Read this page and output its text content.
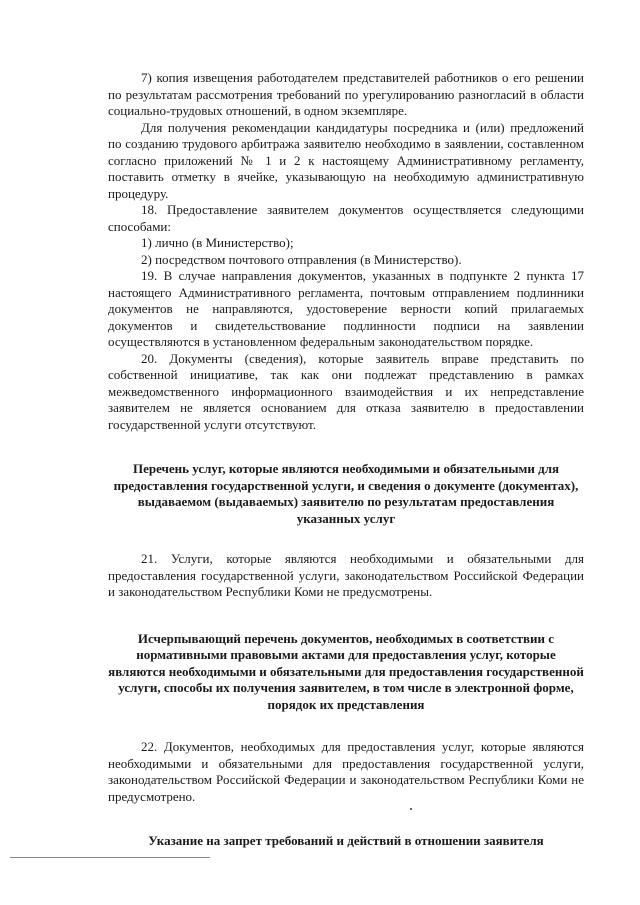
7) копия извещения работодателем представителей работников о его решении по результатам рассмотрения требований по урегулированию разногласий в области социально-трудовых отношений, в одном экземпляре.

Для получения рекомендации кандидатуры посредника и (или) предложений по созданию трудового арбитража заявителю необходимо в заявлении, составленном согласно приложений № 1 и 2 к настоящему Административному регламенту, поставить отметку в ячейке, указывающую на необходимую административную процедуру.

18. Предоставление заявителем документов осуществляется следующими способами:

1) лично (в Министерство);

2) посредством почтового отправления (в Министерство).

19. В случае направления документов, указанных в подпункте 2 пункта 17 настоящего Административного регламента, почтовым отправлением подлинники документов не направляются, удостоверение верности копий прилагаемых документов и свидетельствование подлинности подписи на заявлении осуществляются в установленном федеральным законодательством порядке.

20. Документы (сведения), которые заявитель вправе представить по собственной инициативе, так как они подлежат представлению в рамках межведомственного информационного взаимодействия и их непредставление заявителем не является основанием для отказа заявителю в предоставлении государственной услуги отсутствуют.

Перечень услуг, которые являются необходимыми и обязательными для предоставления государственной услуги, и сведения о документе (документах), выдаваемом (выдаваемых) заявителю по результатам предоставления указанных услуг

21. Услуги, которые являются необходимыми и обязательными для предоставления государственной услуги, законодательством Российской Федерации и законодательством Республики Коми не предусмотрены.

Исчерпывающий перечень документов, необходимых в соответствии с нормативными правовыми актами для предоставления услуг, которые являются необходимыми и обязательными для предоставления государственной услуги, способы их получения заявителем, в том числе в электронной форме, порядок их представления

22. Документов, необходимых для предоставления услуг, которые являются необходимыми и обязательными для предоставления государственной услуги, законодательством Российской Федерации и законодательством Республики Коми не предусмотрено.

Указание на запрет требований и действий в отношении заявителя
